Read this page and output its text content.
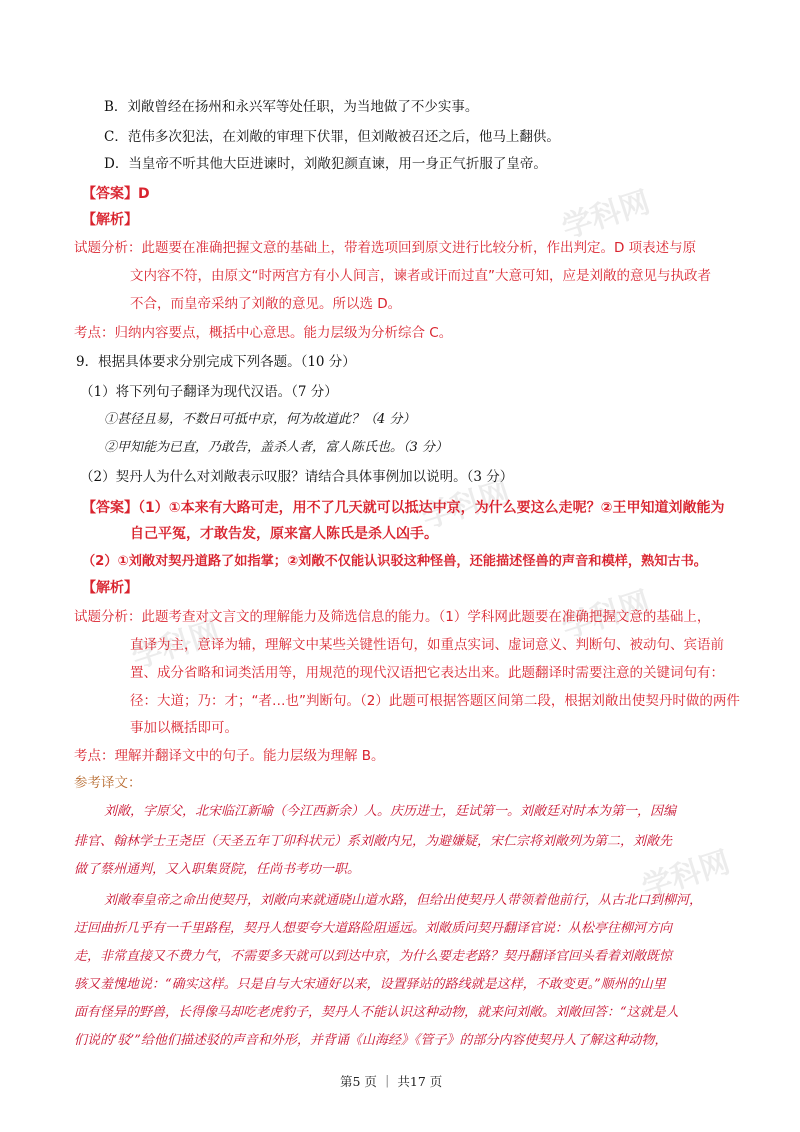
学科网
学科网
学科网
学科网
学科网
B．刘敞曾经在扬州和永兴军等处任职，为当地做了不少实事。
C．范伟多次犯法，在刘敞的审理下伏罪，但刘敞被召还之后，他马上翻供。
D．当皇帝不听其他大臣进谏时，刘敞犯颜直谏，用一身正气折服了皇帝。
【答案】D
【解析】
试题分析：此题要在准确把握文意的基础上，带着选项回到原文进行比较分析，作出判定。D 项表述与原
文内容不符，由原文“时两宫方有小人间言，谏者或讦而过直”大意可知，应是刘敞的意见与执政者
不合，而皇帝采纳了刘敞的意见。所以选 D。
考点：归纳内容要点，概括中心意思。能力层级为分析综合 C。
9．根据具体要求分别完成下列各题。（10 分）
（1）将下列句子翻译为现代汉语。（7 分）
①甚径且易，不数日可抵中京，何为故道此？（4 分）
②甲知能为已直，乃敢告，盖杀人者，富人陈氏也。（3 分）
（2）契丹人为什么对刘敞表示叹服？请结合具体事例加以说明。（3 分）
【答案】（1）①本来有大路可走，用不了几天就可以抵达中京，为什么要这么走呢？②王甲知道刘敞能为
自己平冤，才敢告发，原来富人陈氏是杀人凶手。
（2）①刘敞对契丹道路了如指掌；②刘敞不仅能认识驳这种怪兽，还能描述怪兽的声音和模样，熟知古书。
【解析】
试题分析：此题考查对文言文的理解能力及筛选信息的能力。（1）学科网此题要在准确把握文意的基础上，
直译为主，意译为辅，理解文中某些关键性语句，如重点实词、虚词意义、判断句、被动句、宾语前
置、成分省略和词类活用等，用规范的现代汉语把它表达出来。此题翻译时需要注意的关键词句有：
径：大道；乃：才；“者…也”判断句。（2）此题可根据答题区间第二段，根据刘敞出使契丹时做的两件
事加以概括即可。
考点：理解并翻译文中的句子。能力层级为理解 B。
参考译文：
刘敞，字原父，北宋临江新喻（今江西新余）人。庆历进士，廷试第一。刘敞廷对时本为第一，因编
排官、翰林学士王尧臣（天圣五年丁卯科状元）系刘敞内兄，为避嫌疑，宋仁宗将刘敞列为第二，刘敞先
做了蔡州通判，又入职集贤院，任尚书考功一职。
刘敞奉皇帝之命出使契丹，刘敞向来就通晓山道水路，但给出使契丹人带领着他前行，从古北口到柳河，
迂回曲折几乎有一千里路程，契丹人想要夸大道路险阻遥远。刘敞质问契丹翻译官说：从松亭往柳河方向
走，非常直接又不费力气，不需要多天就可以到达中京，为什么要走老路？契丹翻译官回头看着刘敞既惊
骇又羞愧地说：“确实这样。只是自与大宋通好以来，设置驿站的路线就是这样，不敢变更。”顺州的山里
面有怪异的野兽，长得像马却吃老虎豹子，契丹人不能认识这种动物，就来问刘敞。刘敞回答：“这就是人
们说的‘驳’”给他们描述驳的声音和外形，并背诵《山海经》《管子》的部分内容使契丹人了解这种动物，
第5 页 ｜ 共17 页
